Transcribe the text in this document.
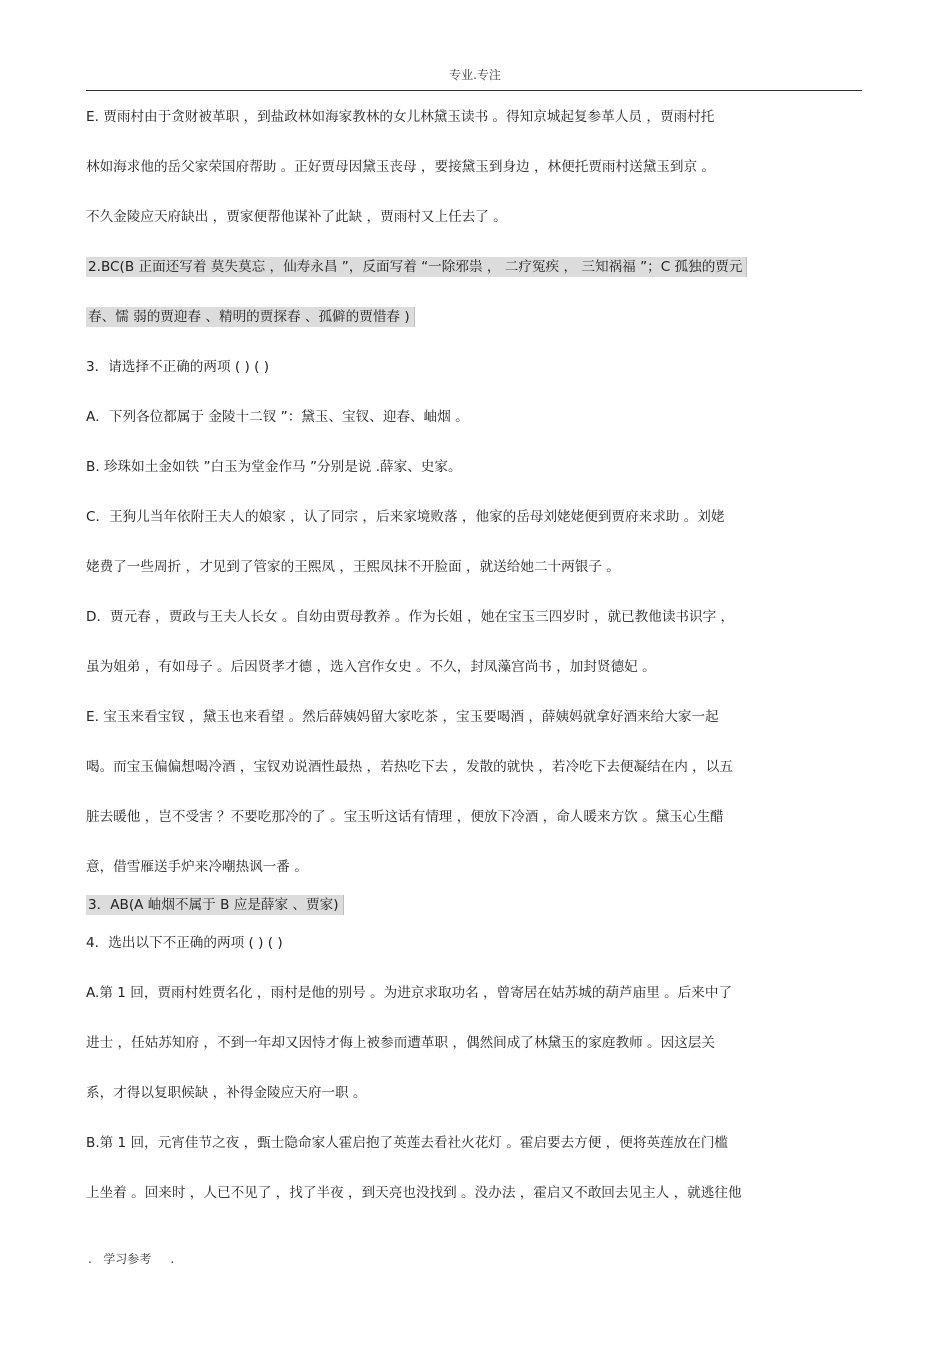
专业.专注
E. 贾雨村由于贪财被革职 ，到盐政林如海家教林的女儿林黛玉读书 。得知京城起复参革人员 ，贾雨村托
林如海求他的岳父家荣国府帮助 。正好贾母因黛玉丧母 ，要接黛玉到身边 ，林便托贾雨村送黛玉到京 。
不久金陵应天府缺出 ，贾家便帮他谋补了此缺 ，贾雨村又上任去了 。
2.BC(B 正面还写着 莫失莫忘 ，仙寿永昌 ”，反面写着 “一除邪祟 ， 二疗冤疾 ， 三知祸福 ”；C 孤独的贾元
春、懦 弱的贾迎春 、精明的贾探春 、孤僻的贾惜春 )
3．请选择不正确的两项 ( ) ( )
A．下列各位都属于 金陵十二钗 ”：黛玉、宝钗、迎春、岫烟 。
B. 珍珠如土金如铁 ”白玉为堂金作马 ”分别是说 .薛家、史家。
C．王狗儿当年依附王夫人的娘家 ，认了同宗 ，后来家境败落 ，他家的岳母刘姥姥便到贾府来求助 。刘姥
姥费了一些周折 ，才见到了管家的王熙凤 ，王熙凤抹不开脸面 ，就送给她二十两银子 。
D．贾元春 ，贾政与王夫人长女 。自幼由贾母教养 。作为长姐 ，她在宝玉三四岁时 ，就已教他读书识字 ，
虽为姐弟 ，有如母子 。后因贤孝才德 ，选入宫作女史 。不久，封凤藻宫尚书 ，加封贤德妃 。
E. 宝玉来看宝钗 ，黛玉也来看望 。然后薛姨妈留大家吃茶 ，宝玉要喝酒 ，薛姨妈就拿好酒来给大家一起
喝。而宝玉偏偏想喝冷酒 ，宝钗劝说酒性最热 ，若热吃下去 ，发散的就快 ，若冷吃下去便凝结在内 ，以五
脏去暖他 ，岂不受害 ？不要吃那冷的了 。宝玉听这话有情理 ，便放下冷酒 ，命人暖来方饮 。黛玉心生醋
意，借雪雁送手炉来冷嘲热讽一番 。
3．AB(A 岫烟不属于 B 应是薛家 、贾家)
4．选出以下不正确的两项 ( ) ( )
A.第 1 回，贾雨村姓贾名化 ，雨村是他的别号 。为进京求取功名 ，曾寄居在姑苏城的葫芦庙里 。后来中了
进士 ，任姑苏知府 ，不到一年却又因恃才侮上被参而遭革职 ，偶然间成了林黛玉的家庭教师 。因这层关
系，才得以复职候缺 ，补得金陵应天府一职 。
B.第 1 回，元宵佳节之夜 ，甄士隐命家人霍启抱了英莲去看社火花灯 。霍启要去方便 ，便将英莲放在门槛
上坐着 。回来时 ，人已不见了 ，找了半夜 ，到天亮也没找到 。没办法 ，霍启又不敢回去见主人 ，就逃往他
.   学习参考     .
